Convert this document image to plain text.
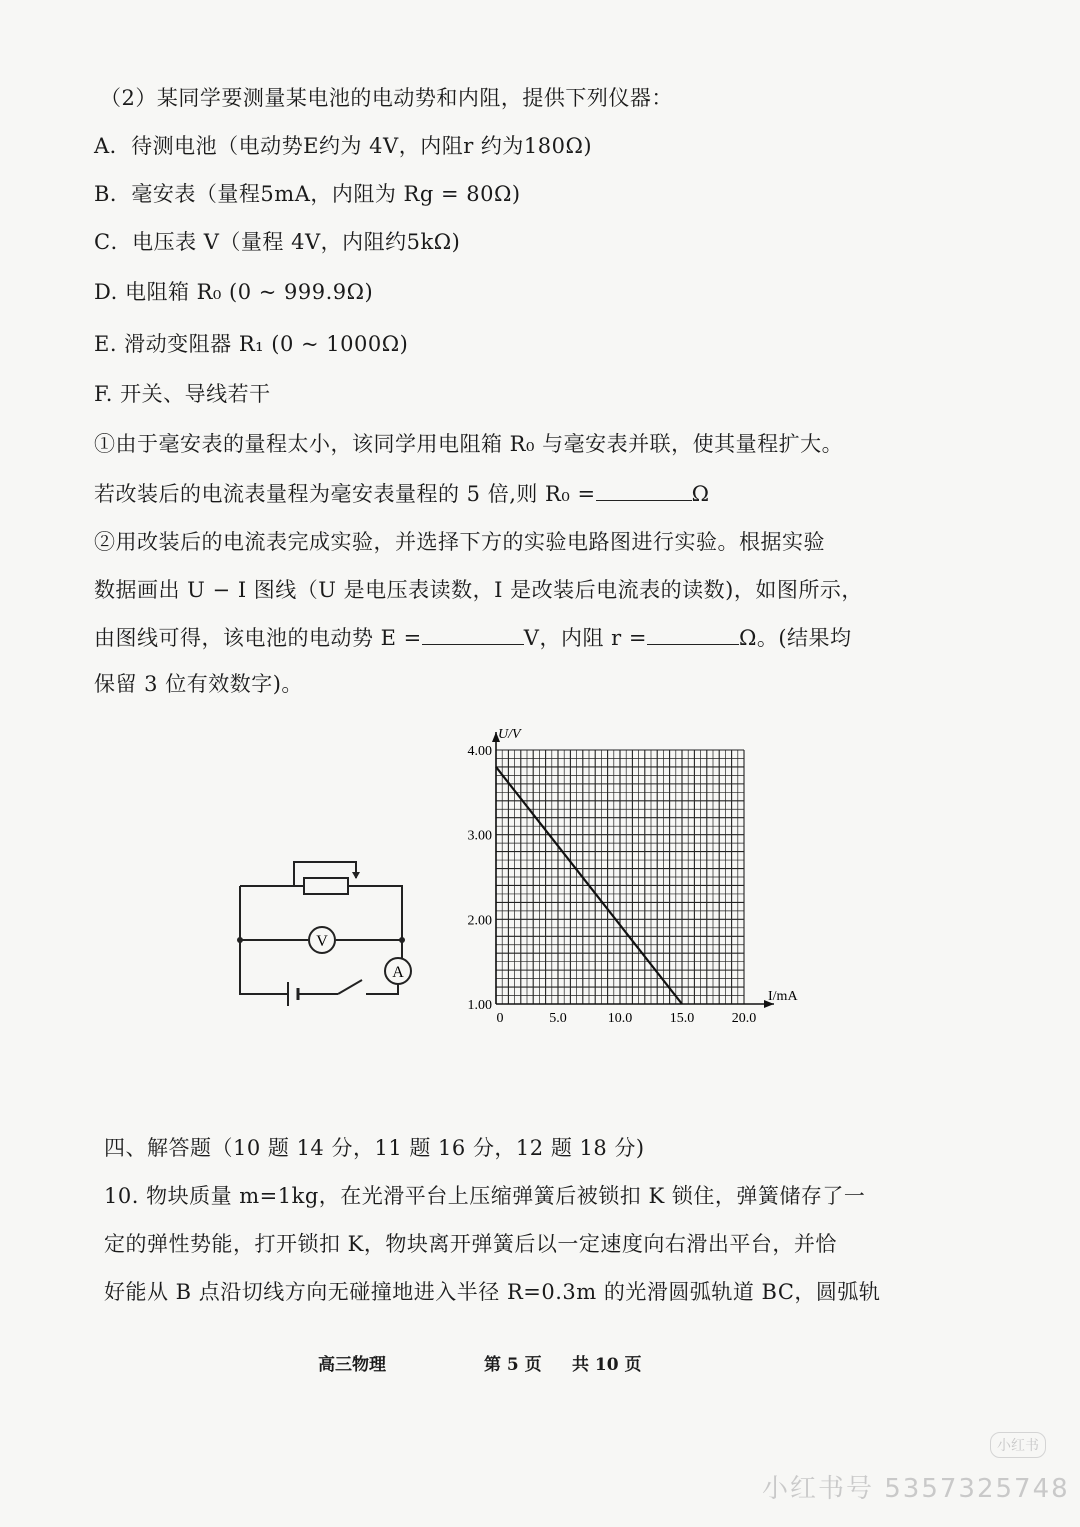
（2）某同学要测量某电池的电动势和内阻，提供下列仪器：
A．待测电池（电动势E约为 4V，内阻r 约为180Ω)
B．毫安表（量程5mA，内阻为 Rg = 80Ω)
C．电压表 V（量程 4V，内阻约5kΩ)
D. 电阻箱 R₀ (0 ~ 999.9Ω)
E. 滑动变阻器 R₁ (0 ~ 1000Ω)
F. 开关、导线若干
①由于毫安表的量程太小，该同学用电阻箱 R₀ 与毫安表并联，使其量程扩大。
若改装后的电流表量程为毫安表量程的 5 倍,则 R₀ =	Ω
②用改装后的电流表完成实验，并选择下方的实验电路图进行实验。根据实验
数据画出 U − I 图线（U 是电压表读数，I 是改装后电流表的读数)，如图所示，
由图线可得，该电池的电动势 E =	V，内阻 r =	Ω。(结果均
保留 3 位有效数字)。
V
A
0	5.0	10.0	15.0	20.0
1.00
2.00
3.00
4.00
U/V
I/mA
四、解答题（10 题 14 分，11 题 16 分，12 题 18 分)
10. 物块质量 m=1kg，在光滑平台上压缩弹簧后被锁扣 K 锁住，弹簧储存了一
定的弹性势能，打开锁扣 K，物块离开弹簧后以一定速度向右滑出平台，并恰
好能从 B 点沿切线方向无碰撞地进入半径 R=0.3m 的光滑圆弧轨道 BC，圆弧轨
高三物理	第 5 页 共 10 页
小红书
小红书号 5357325748
